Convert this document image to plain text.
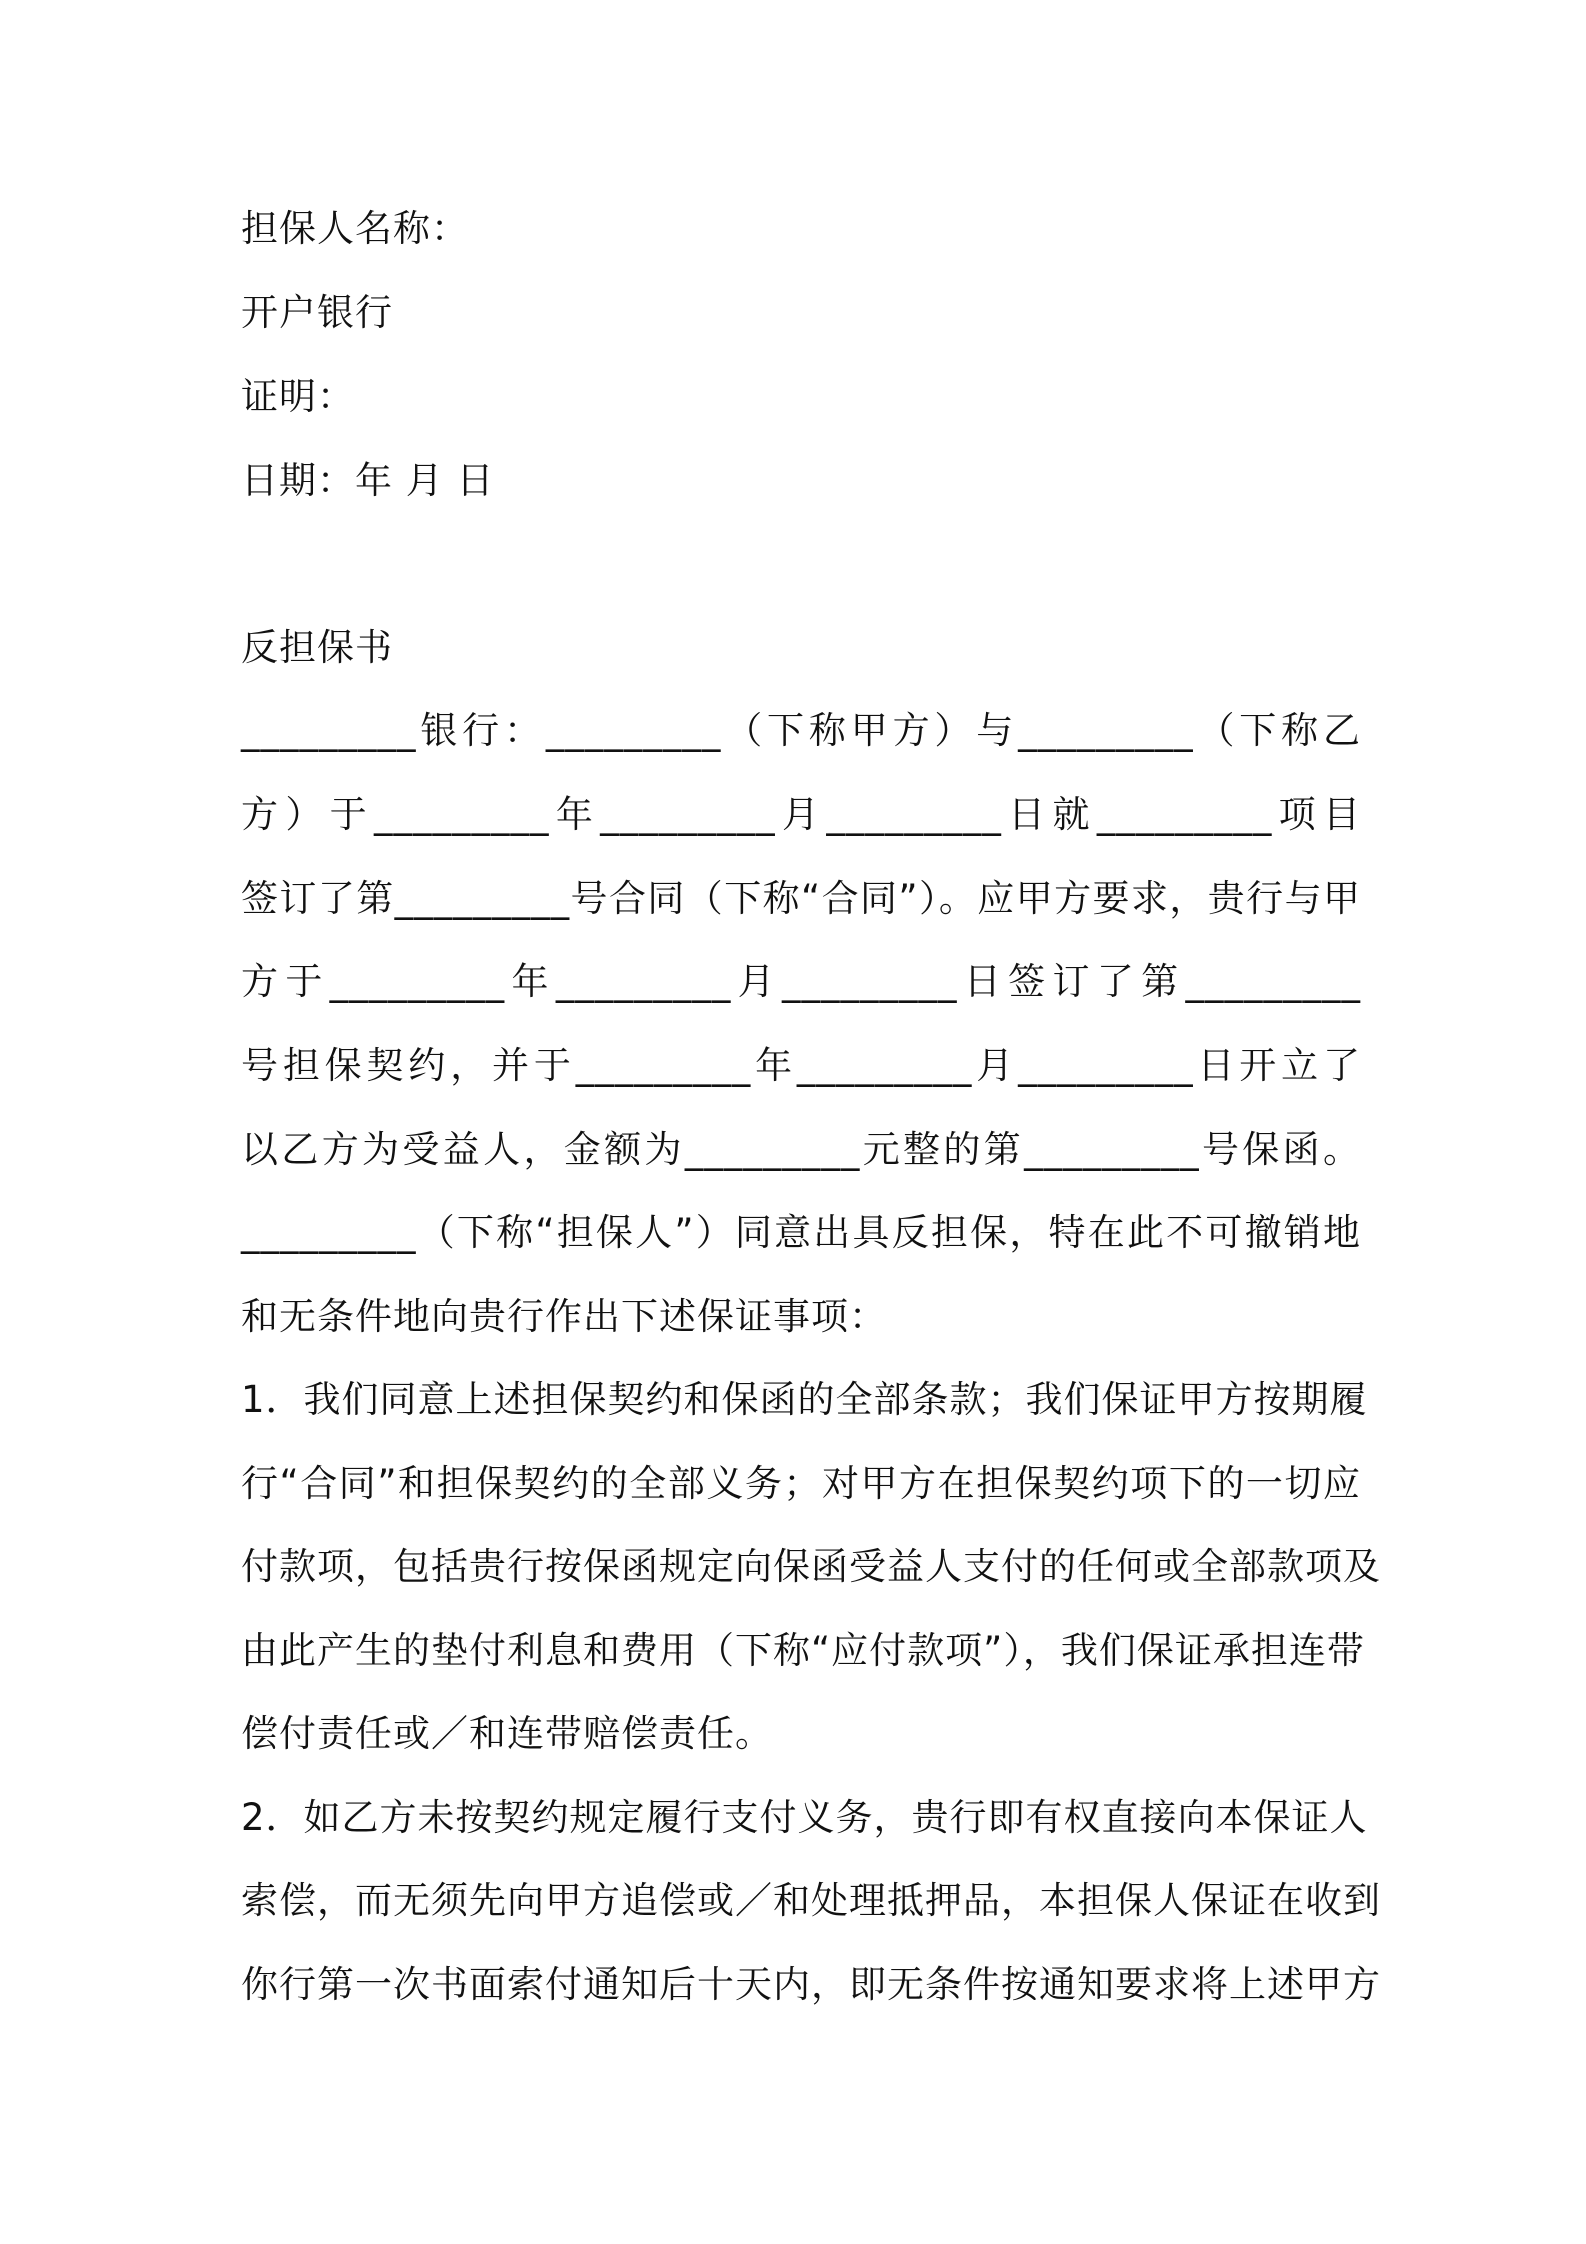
担保人名称：
开户银行
证明：
日期：年 月 日
反担保书
_________银行：_________（下称甲方）与_________（下称乙
方）于_________年_________月_________日就_________项目
签订了第_________号合同（下称“合同”）。应甲方要求，贵行与甲
方于_________年_________月_________日签订了第_________
号担保契约，并于_________年_________月_________日开立了
以乙方为受益人，金额为_________元整的第_________号保函。
_________（下称“担保人”）同意出具反担保，特在此不可撤销地
和无条件地向贵行作出下述保证事项：
1．我们同意上述担保契约和保函的全部条款；我们保证甲方按期履
行“合同”和担保契约的全部义务；对甲方在担保契约项下的一切应
付款项，包括贵行按保函规定向保函受益人支付的任何或全部款项及
由此产生的垫付利息和费用（下称“应付款项”），我们保证承担连带
偿付责任或／和连带赔偿责任。
2．如乙方未按契约规定履行支付义务，贵行即有权直接向本保证人
索偿，而无须先向甲方追偿或／和处理抵押品，本担保人保证在收到
你行第一次书面索付通知后十天内，即无条件按通知要求将上述甲方
